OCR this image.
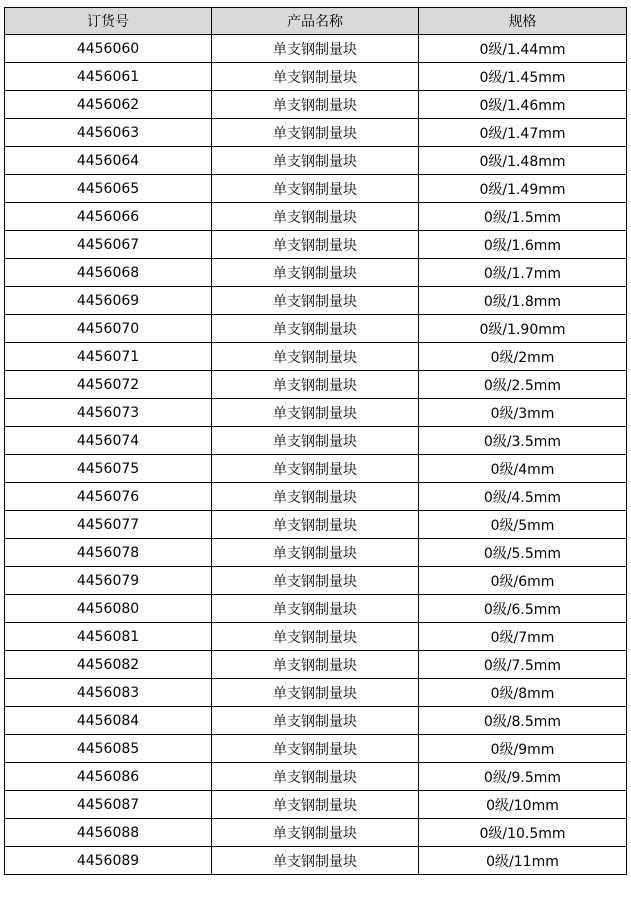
订货号	产品名称	规格
4456060	单支钢制量块	0级/1.44mm
4456061	单支钢制量块	0级/1.45mm
4456062	单支钢制量块	0级/1.46mm
4456063	单支钢制量块	0级/1.47mm
4456064	单支钢制量块	0级/1.48mm
4456065	单支钢制量块	0级/1.49mm
4456066	单支钢制量块	0级/1.5mm
4456067	单支钢制量块	0级/1.6mm
4456068	单支钢制量块	0级/1.7mm
4456069	单支钢制量块	0级/1.8mm
4456070	单支钢制量块	0级/1.90mm
4456071	单支钢制量块	0级/2mm
4456072	单支钢制量块	0级/2.5mm
4456073	单支钢制量块	0级/3mm
4456074	单支钢制量块	0级/3.5mm
4456075	单支钢制量块	0级/4mm
4456076	单支钢制量块	0级/4.5mm
4456077	单支钢制量块	0级/5mm
4456078	单支钢制量块	0级/5.5mm
4456079	单支钢制量块	0级/6mm
4456080	单支钢制量块	0级/6.5mm
4456081	单支钢制量块	0级/7mm
4456082	单支钢制量块	0级/7.5mm
4456083	单支钢制量块	0级/8mm
4456084	单支钢制量块	0级/8.5mm
4456085	单支钢制量块	0级/9mm
4456086	单支钢制量块	0级/9.5mm
4456087	单支钢制量块	0级/10mm
4456088	单支钢制量块	0级/10.5mm
4456089	单支钢制量块	0级/11mm
